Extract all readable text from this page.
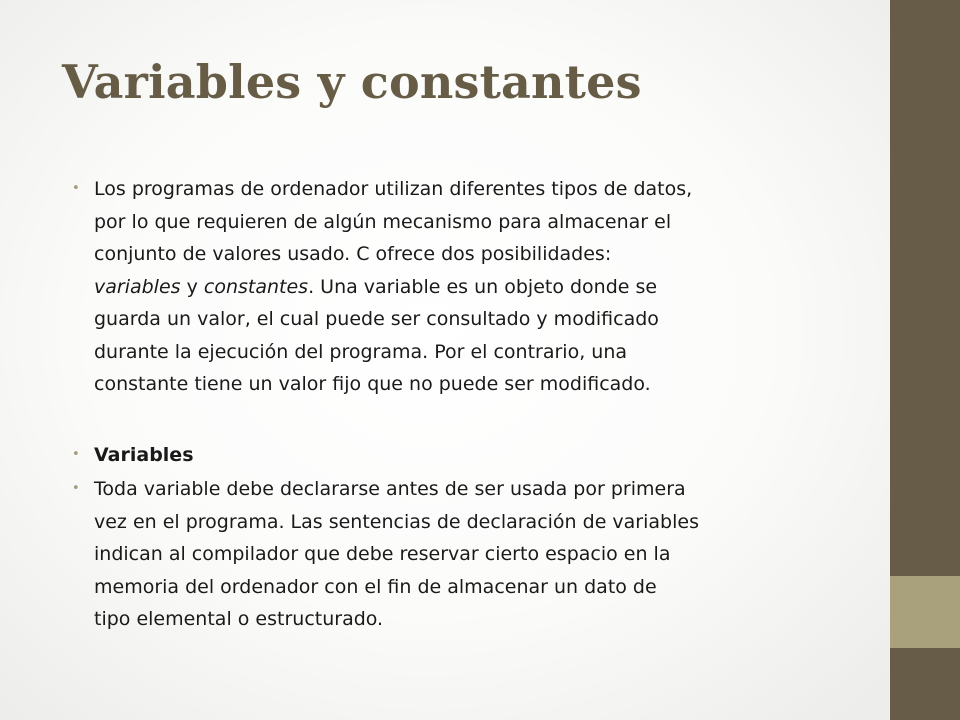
Variables y constantes
• Los programas de ordenador utilizan diferentes tipos de datos,
por lo que requieren de algún mecanismo para almacenar el
conjunto de valores usado. C ofrece dos posibilidades:
variables y constantes. Una variable es un objeto donde se
guarda un valor, el cual puede ser consultado y modificado
durante la ejecución del programa. Por el contrario, una
constante tiene un valor fijo que no puede ser modificado.
• Variables
• Toda variable debe declararse antes de ser usada por primera
vez en el programa. Las sentencias de declaración de variables
indican al compilador que debe reservar cierto espacio en la
memoria del ordenador con el fin de almacenar un dato de
tipo elemental o estructurado.
